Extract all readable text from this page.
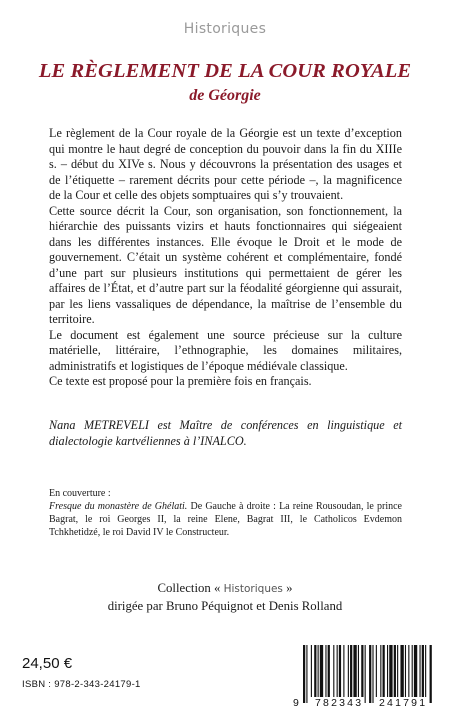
Historiques
LE RÈGLEMENT DE LA COUR ROYALE
de Géorgie

Le règlement de la Cour royale de la Géorgie est un texte d’exception qui montre le haut degré de conception du pouvoir dans la fin du XIIIe s. – début du XIVe s. Nous y découvrons la présentation des usages et de l’étiquette – rarement décrits pour cette période –, la magnificence de la Cour et celle des objets somptuaires qui s’y trouvaient.

Cette source décrit la Cour, son organisation, son fonctionnement, la hiérarchie des puissants vizirs et hauts fonctionnaires qui siégeaient dans les différentes instances. Elle évoque le Droit et le mode de gouvernement. C’était un système cohérent et complémentaire, fondé d’une part sur plusieurs institutions qui permettaient de gérer les affaires de l’État, et d’autre part sur la féodalité géorgienne qui assurait, par les liens vassaliques de dépendance, la maîtrise de l’ensemble du territoire.

Le document est également une source précieuse sur la culture matérielle, littéraire, l’ethnographie, les domaines militaires, administratifs et logistiques de l’époque médiévale classique.

Ce texte est proposé pour la première fois en français.

Nana METREVELI est Maître de conférences en linguistique et dialectologie kartvéliennes à l’INALCO.
En couverture :
Fresque du monastère de Ghélati. De Gauche à droite : La reine Rousoudan, le prince Bagrat, le roi Georges II, la reine Elene, Bagrat III, le Catholicos Evdemon Tchkhetidzé, le roi David IV le Constructeur.
Collection « Historiques »
dirigée par Bruno Péquignot et Denis Rolland
24,50 €
ISBN : 978-2-343-24179-1
9 782343 241791
